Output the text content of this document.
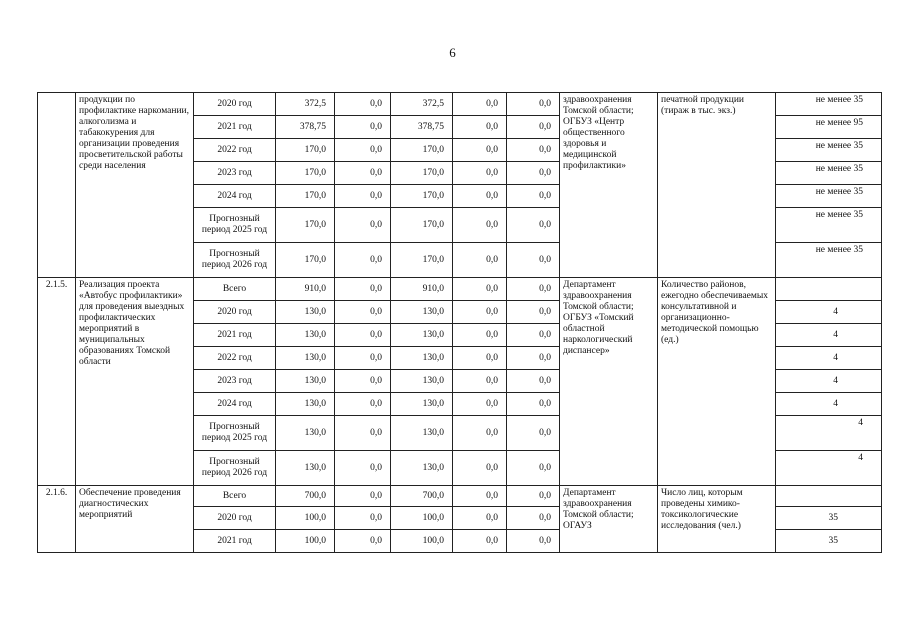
6
	продукции по профилактике наркомании, алкоголизма и табакокурения для организации проведения просветительской работы среди населения	2020 год	372,5	0,0	372,5	0,0	0,0	здравоохранения Томской области; ОГБУЗ «Центр общественного здоровья и медицинской профилактики»	печатной продукции (тираж в тыс. экз.)	не менее 35
		2021 год	378,75	0,0	378,75	0,0	0,0			не менее 95
		2022 год	170,0	0,0	170,0	0,0	0,0			не менее 35
		2023 год	170,0	0,0	170,0	0,0	0,0			не менее 35
		2024 год	170,0	0,0	170,0	0,0	0,0			не менее 35
		Прогнозный период 2025 год	170,0	0,0	170,0	0,0	0,0			не менее 35
		Прогнозный период 2026 год	170,0	0,0	170,0	0,0	0,0			не менее 35
2.1.5.	Реализация проекта «Автобус профилактики» для проведения выездных профилактических мероприятий в муниципальных образованиях Томской области	Всего	910,0	0,0	910,0	0,0	0,0	Департамент здравоохранения Томской области; ОГБУЗ «Томский областной наркологический диспансер»	Количество районов, ежегодно обеспечиваемых консультативной и организационно-методической помощью (ед.)	
		2020 год	130,0	0,0	130,0	0,0	0,0			4
		2021 год	130,0	0,0	130,0	0,0	0,0			4
		2022 год	130,0	0,0	130,0	0,0	0,0			4
		2023 год	130,0	0,0	130,0	0,0	0,0			4
		2024 год	130,0	0,0	130,0	0,0	0,0			4
		Прогнозный период 2025 год	130,0	0,0	130,0	0,0	0,0			4
		Прогнозный период 2026 год	130,0	0,0	130,0	0,0	0,0			4
2.1.6.	Обеспечение проведения диагностических мероприятий	Всего	700,0	0,0	700,0	0,0	0,0	Департамент здравоохранения Томской области; ОГАУЗ	Число лиц, которым проведены химико-токсикологические исследования (чел.)	
		2020 год	100,0	0,0	100,0	0,0	0,0			35
		2021 год	100,0	0,0	100,0	0,0	0,0			35
